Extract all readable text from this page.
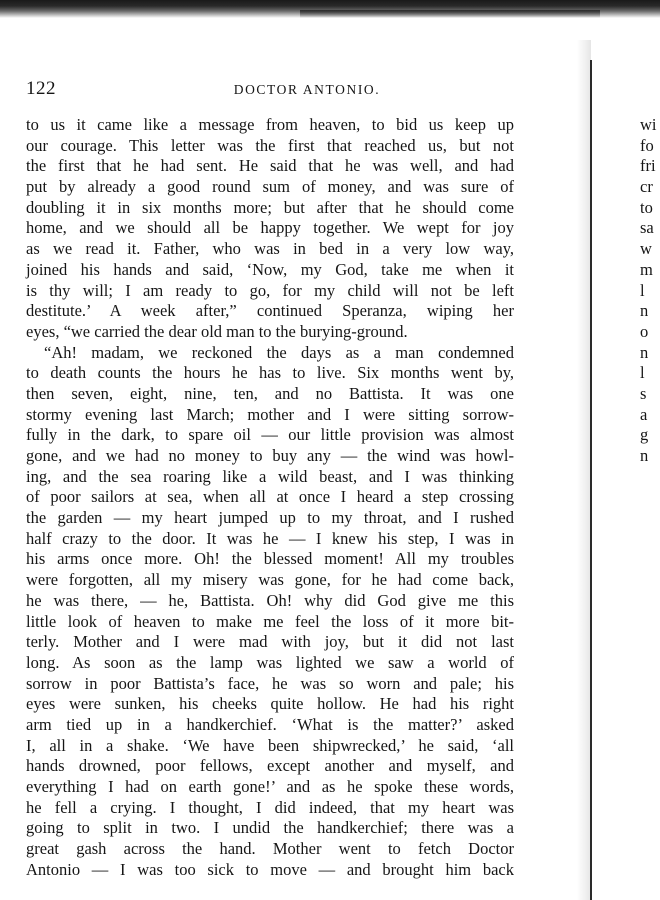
122	DOCTOR ANTONIO.
to us it came like a message from heaven, to bid us keep up
our courage. This letter was the first that reached us, but not
the first that he had sent. He said that he was well, and had
put by already a good round sum of money, and was sure of
doubling it in six months more; but after that he should come
home, and we should all be happy together. We wept for joy
as we read it. Father, who was in bed in a very low way,
joined his hands and said, ‘Now, my God, take me when it
is thy will; I am ready to go, for my child will not be left
destitute.’ A week after,” continued Speranza, wiping her
eyes, “we carried the dear old man to the burying-ground.
“Ah! madam, we reckoned the days as a man condemned
to death counts the hours he has to live. Six months went by,
then seven, eight, nine, ten, and no Battista. It was one
stormy evening last March; mother and I were sitting sorrow-
fully in the dark, to spare oil — our little provision was almost
gone, and we had no money to buy any — the wind was howl-
ing, and the sea roaring like a wild beast, and I was thinking
of poor sailors at sea, when all at once I heard a step crossing
the garden — my heart jumped up to my throat, and I rushed
half crazy to the door. It was he — I knew his step, I was in
his arms once more. Oh! the blessed moment! All my troubles
were forgotten, all my misery was gone, for he had come back,
he was there, — he, Battista. Oh! why did God give me this
little look of heaven to make me feel the loss of it more bit-
terly. Mother and I were mad with joy, but it did not last
long. As soon as the lamp was lighted we saw a world of
sorrow in poor Battista’s face, he was so worn and pale; his
eyes were sunken, his cheeks quite hollow. He had his right
arm tied up in a handkerchief. ‘What is the matter?’ asked
I, all in a shake. ‘We have been shipwrecked,’ he said, ‘all
hands drowned, poor fellows, except another and myself, and
everything I had on earth gone!’ and as he spoke these words,
he fell a crying. I thought, I did indeed, that my heart was
going to split in two. I undid the handkerchief; there was a
great gash across the hand. Mother went to fetch Doctor
Antonio — I was too sick to move — and brought him back
wi
fo
fri
cr
to
sa
w
m
l
n
o
n
l
s
a
g
n
